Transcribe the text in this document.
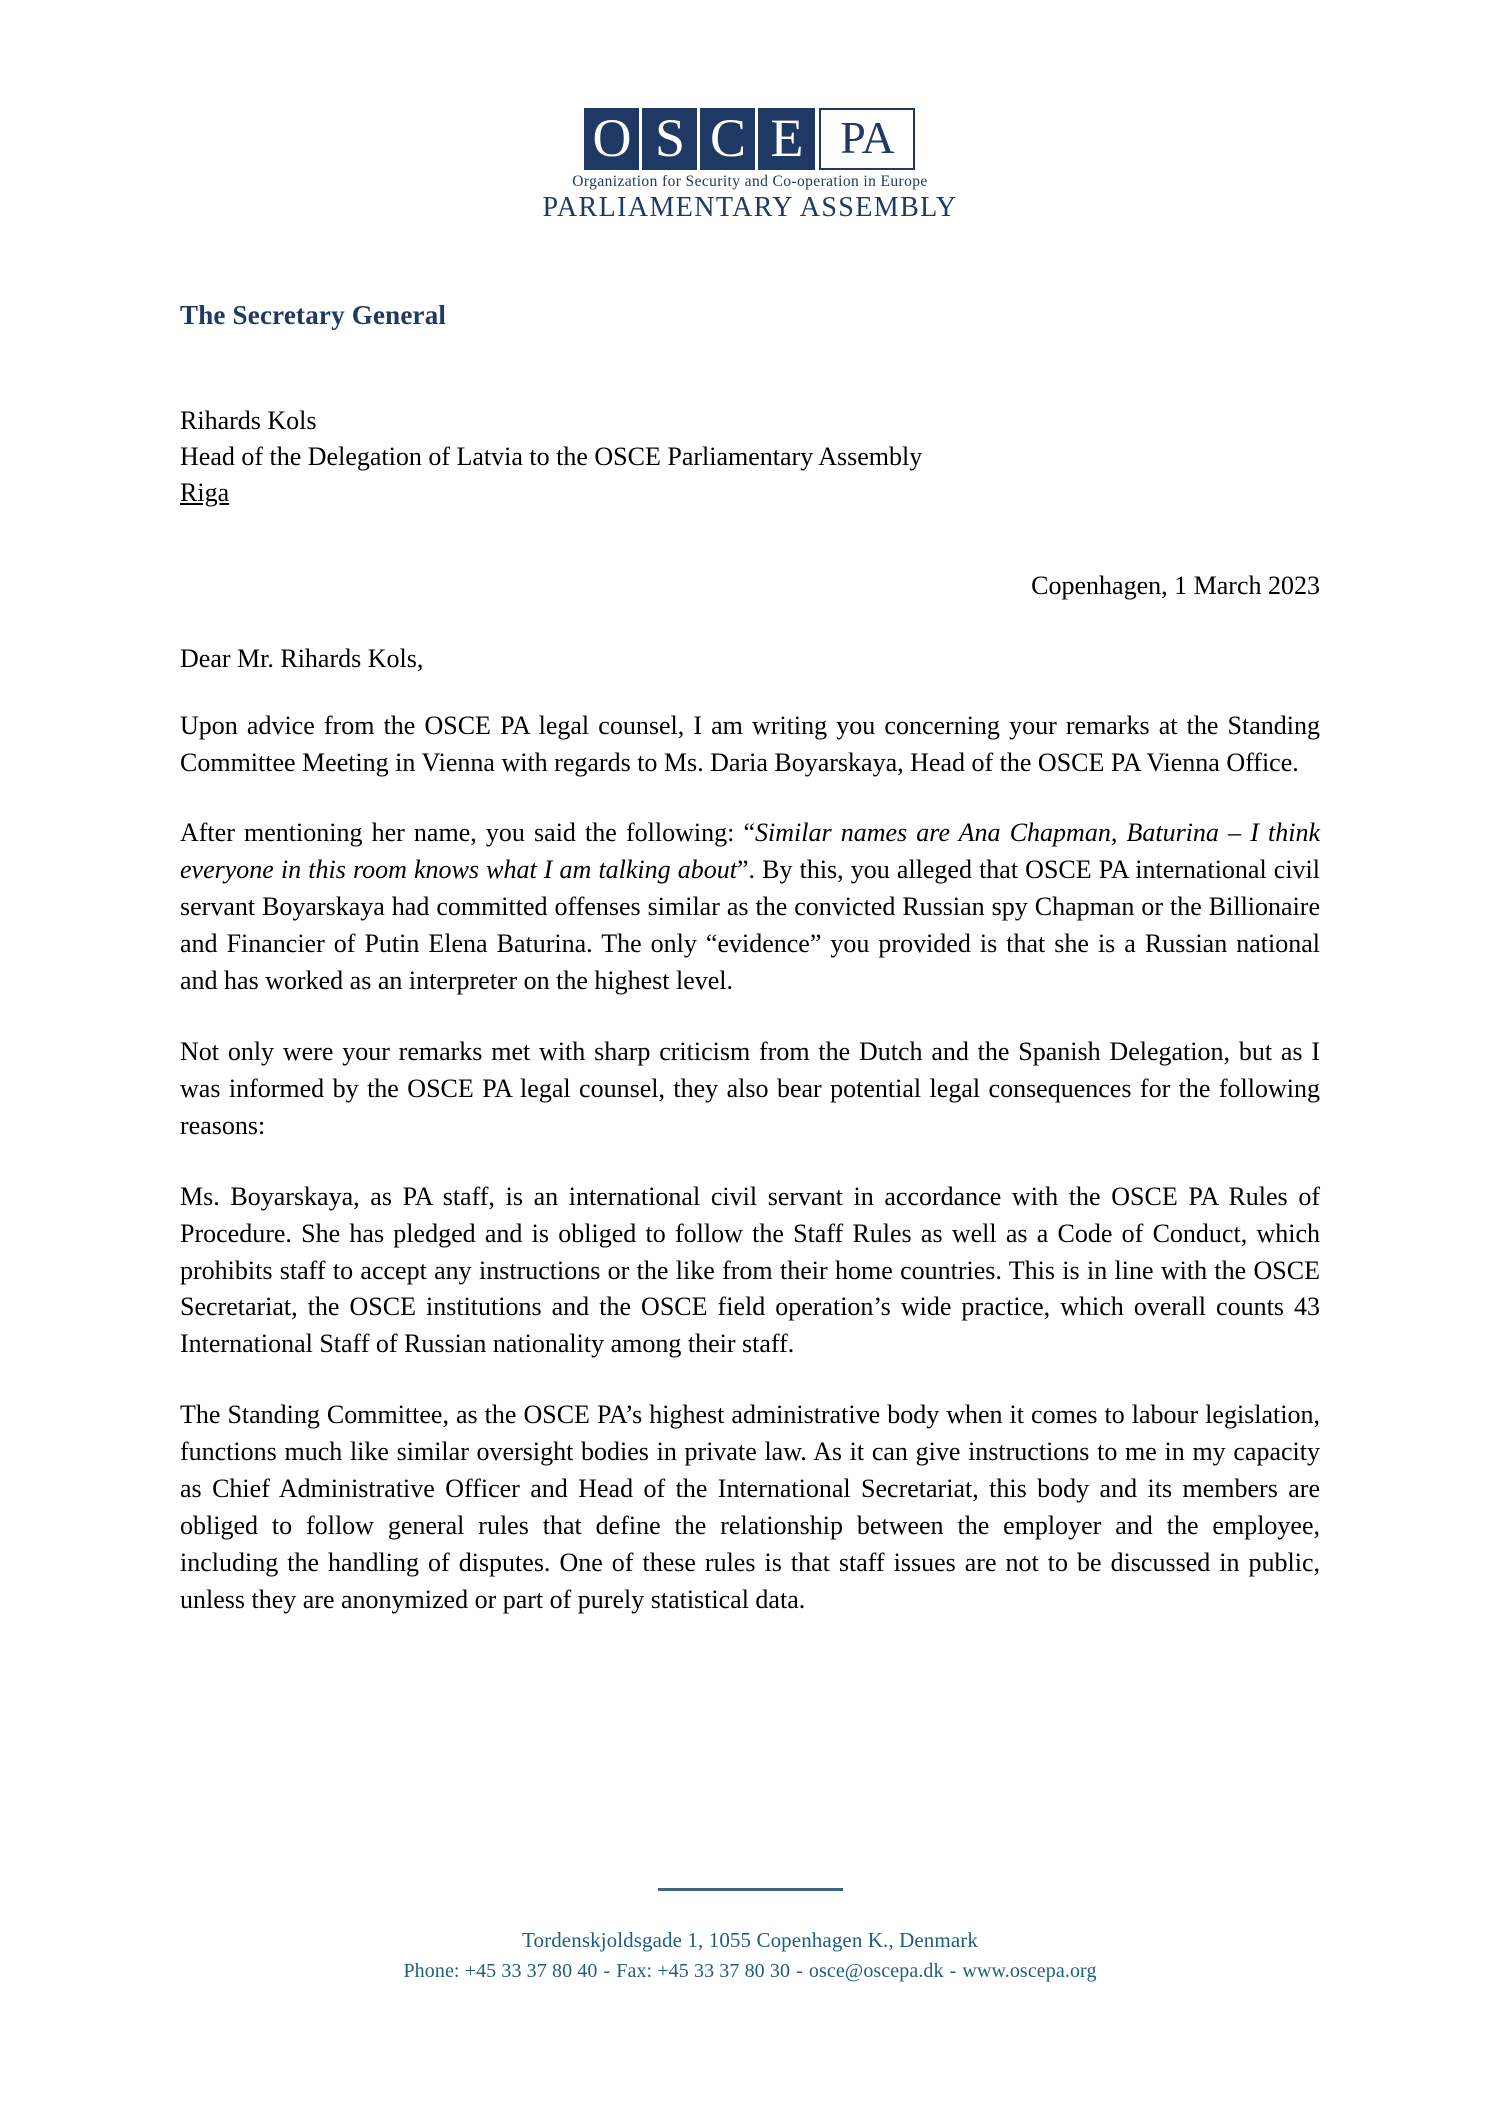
O S C E PA
Organization for Security and Co-operation in Europe
PARLIAMENTARY ASSEMBLY
The Secretary General
Rihards Kols
Head of the Delegation of Latvia to the OSCE Parliamentary Assembly
Riga
Copenhagen, 1 March 2023
Dear Mr. Rihards Kols,

Upon advice from the OSCE PA legal counsel, I am writing you concerning your remarks at the Standing Committee Meeting in Vienna with regards to Ms. Daria Boyarskaya, Head of the OSCE PA Vienna Office.

After mentioning her name, you said the following: “Similar names are Ana Chapman, Baturina – I think everyone in this room knows what I am talking about”. By this, you alleged that OSCE PA international civil servant Boyarskaya had committed offenses similar as the convicted Russian spy Chapman or the Billionaire and Financier of Putin Elena Baturina. The only “evidence” you provided is that she is a Russian national and has worked as an interpreter on the highest level.

Not only were your remarks met with sharp criticism from the Dutch and the Spanish Delegation, but as I was informed by the OSCE PA legal counsel, they also bear potential legal consequences for the following reasons:

Ms. Boyarskaya, as PA staff, is an international civil servant in accordance with the OSCE PA Rules of Procedure. She has pledged and is obliged to follow the Staff Rules as well as a Code of Conduct, which prohibits staff to accept any instructions or the like from their home countries. This is in line with the OSCE Secretariat, the OSCE institutions and the OSCE field operation’s wide practice, which overall counts 43 International Staff of Russian nationality among their staff.

The Standing Committee, as the OSCE PA’s highest administrative body when it comes to labour legislation, functions much like similar oversight bodies in private law. As it can give instructions to me in my capacity as Chief Administrative Officer and Head of the International Secretariat, this body and its members are obliged to follow general rules that define the relationship between the employer and the employee, including the handling of disputes. One of these rules is that staff issues are not to be discussed in public, unless they are anonymized or part of purely statistical data.

Tordenskjoldsgade 1, 1055 Copenhagen K., Denmark
Phone: +45 33 37 80 40 - Fax: +45 33 37 80 30 - osce@oscepa.dk - www.oscepa.org
